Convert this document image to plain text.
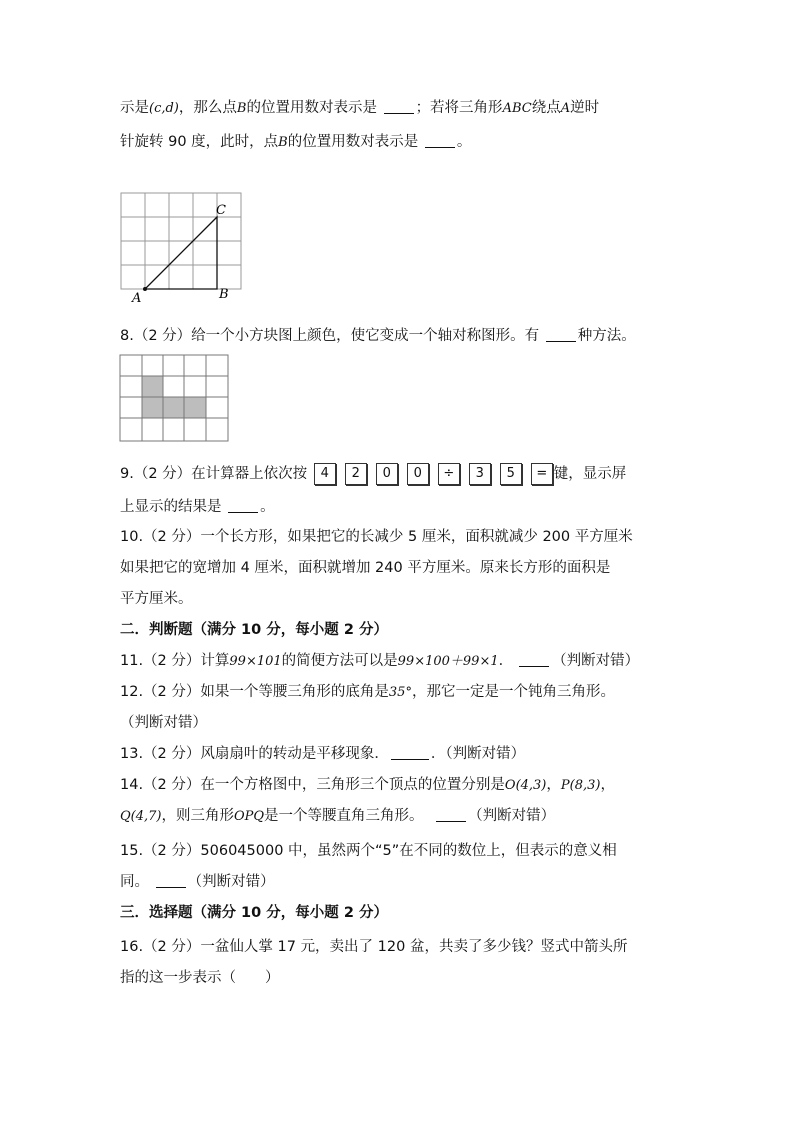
示是(c,d)，那么点B的位置用数对表示是	；若将三角形ABC绕点A逆时
针旋转 90 度，此时，点B的位置用数对表示是	。
A	B
C
8.（2 分）给一个小方块图上颜色，使它变成一个轴对称图形。有	种方法。
9.（2 分）在计算器上依次按 4 2 0 0 ÷ 3 5 = 键，显示屏
上显示的结果是	。
10.（2 分）一个长方形，如果把它的长减少 5 厘米，面积就减少 200 平方厘米
如果把它的宽增加 4 厘米，面积就增加 240 平方厘米。原来长方形的面积是
平方厘米。
二．判断题（满分 10 分，每小题 2 分）
11.（2 分）计算99×101的简便方法可以是99×100＋99×1．	（判断对错）
12.（2 分）如果一个等腰三角形的底角是35°，那它一定是一个钝角三角形。
（判断对错）
13.（2 分）风扇扇叶的转动是平移现象．	．（判断对错）
14.（2 分）在一个方格图中，三角形三个顶点的位置分别是O(4,3)，P(8,3)，
Q(4,7)，则三角形OPQ是一个等腰直角三角形。	（判断对错）
15.（2 分）506045000 中，虽然两个“5”在不同的数位上，但表示的意义相
同。	（判断对错）
三．选择题（满分 10 分，每小题 2 分）
16.（2 分）一盆仙人掌 17 元，卖出了 120 盆，共卖了多少钱？竖式中箭头所
指的这一步表示（　　）
